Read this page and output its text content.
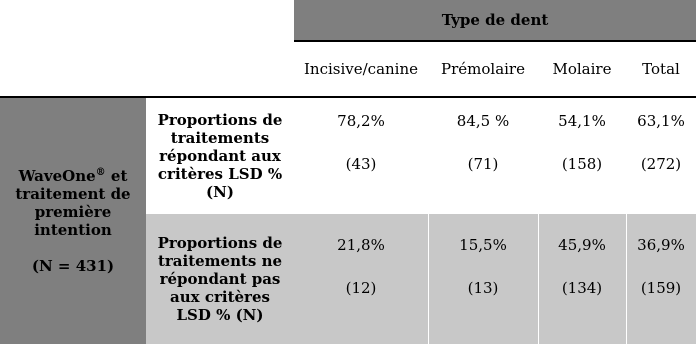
Type de dent
Incisive/canine Prémolaire Molaire Total
WaveOne® et traitement de première intention
(N = 431)
Proportions de traitements répondant aux critères LSD % (N)
78,2%
(43)
84,5 %
(71)
54,1%
(158)
63,1%
(272)
Proportions de traitements ne répondant pas aux critères LSD % (N)
21,8%
(12)
15,5%
(13)
45,9%
(134)
36,9%
(159)
